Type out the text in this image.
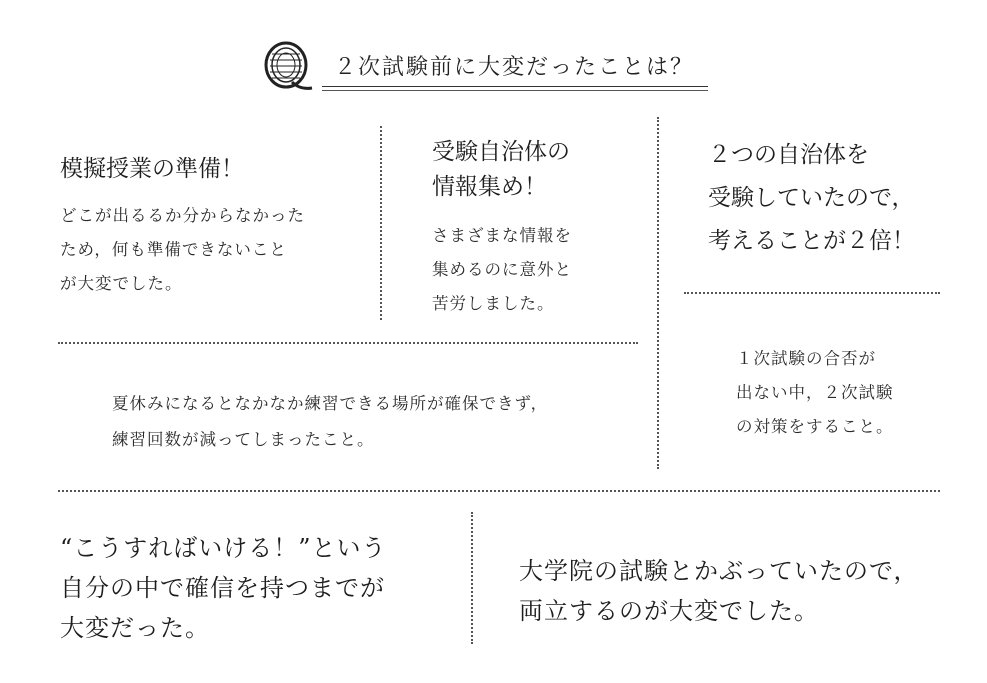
２次試験前に大変だったことは？
模擬授業の準備！
どこが出るるか分からなかった
ため，何も準備できないこと
が大変でした。
受験自治体の
情報集め！
さまざまな情報を
集めるのに意外と
苦労しました。
２つの自治体を
受験していたので，
考えることが２倍！
１次試験の合否が
出ない中，２次試験
の対策をすること。
夏休みになるとなかなか練習できる場所が確保できず，
練習回数が減ってしまったこと。
“こうすればいける！”という
自分の中で確信を持つまでが
大変だった。
大学院の試験とかぶっていたので，
両立するのが大変でした。
